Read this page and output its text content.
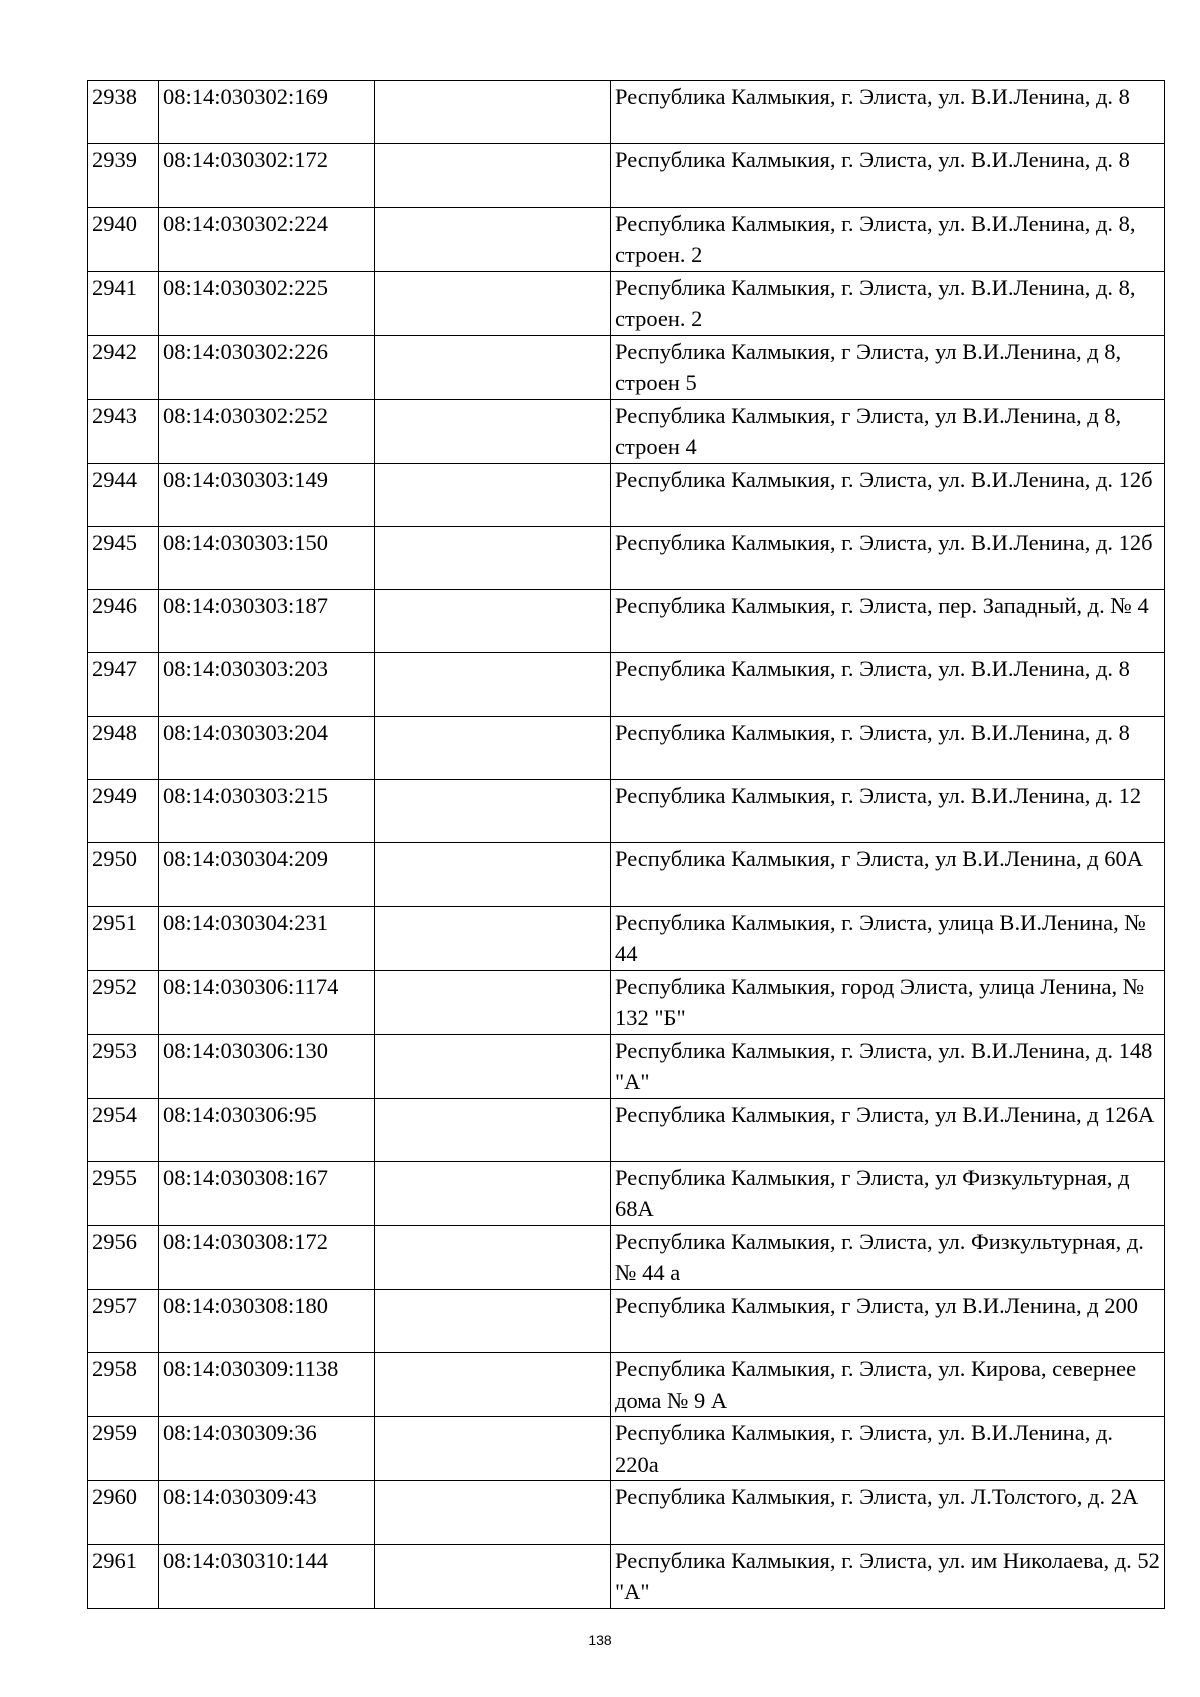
2938	08:14:030302:169		Республика Калмыкия, г. Элиста, ул. В.И.Ленина, д. 8
2939	08:14:030302:172		Республика Калмыкия, г. Элиста, ул. В.И.Ленина, д. 8
2940	08:14:030302:224		Республика Калмыкия, г. Элиста, ул. В.И.Ленина, д. 8, строен. 2
2941	08:14:030302:225		Республика Калмыкия, г. Элиста, ул. В.И.Ленина, д. 8, строен. 2
2942	08:14:030302:226		Республика Калмыкия, г Элиста, ул В.И.Ленина, д 8, строен 5
2943	08:14:030302:252		Республика Калмыкия, г Элиста, ул В.И.Ленина, д 8, строен 4
2944	08:14:030303:149		Республика Калмыкия, г. Элиста, ул. В.И.Ленина, д. 12б
2945	08:14:030303:150		Республика Калмыкия, г. Элиста, ул. В.И.Ленина, д. 12б
2946	08:14:030303:187		Республика Калмыкия, г. Элиста, пер. Западный, д. № 4
2947	08:14:030303:203		Республика Калмыкия, г. Элиста, ул. В.И.Ленина, д. 8
2948	08:14:030303:204		Республика Калмыкия, г. Элиста, ул. В.И.Ленина, д. 8
2949	08:14:030303:215		Республика Калмыкия, г. Элиста, ул. В.И.Ленина, д. 12
2950	08:14:030304:209		Республика Калмыкия, г Элиста, ул В.И.Ленина, д 60А
2951	08:14:030304:231		Республика Калмыкия, г. Элиста, улица В.И.Ленина, № 44
2952	08:14:030306:1174		Республика Калмыкия, город Элиста, улица Ленина, № 132 "Б"
2953	08:14:030306:130		Республика Калмыкия, г. Элиста, ул. В.И.Ленина, д. 148 "А"
2954	08:14:030306:95		Республика Калмыкия, г Элиста, ул В.И.Ленина, д 126А
2955	08:14:030308:167		Республика Калмыкия, г Элиста, ул Физкультурная, д 68А
2956	08:14:030308:172		Республика Калмыкия, г. Элиста, ул. Физкультурная, д. № 44 а
2957	08:14:030308:180		Республика Калмыкия, г Элиста, ул В.И.Ленина, д 200
2958	08:14:030309:1138		Республика Калмыкия, г. Элиста, ул. Кирова, севернее дома № 9 А
2959	08:14:030309:36		Республика Калмыкия, г. Элиста, ул. В.И.Ленина, д. 220а
2960	08:14:030309:43		Республика Калмыкия, г. Элиста, ул. Л.Толстого, д. 2А
2961	08:14:030310:144		Республика Калмыкия, г. Элиста, ул. им Николаева, д. 52 "А"
138
